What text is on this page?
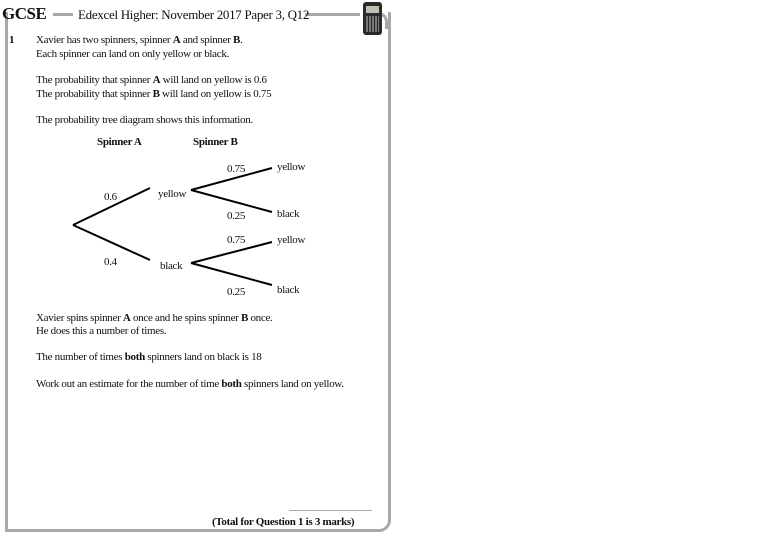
GCSE Edexcel Higher: November 2017 Paper 3, Q12
1 Xavier has two spinners, spinner A and spinner B.
Each spinner can land on only yellow or black.
The probability that spinner A will land on yellow is 0.6
The probability that spinner B will land on yellow is 0.75
The probability tree diagram shows this information.
Spinner A	Spinner B
0.6	yellow
0.4	black
0.75	yellow
0.25	black
0.75	yellow
0.25	black
Xavier spins spinner A once and he spins spinner B once.
He does this a number of times.
The number of times both spinners land on black is 18
Work out an estimate for the number of time both spinners land on yellow.
(Total for Question 1 is 3 marks)
